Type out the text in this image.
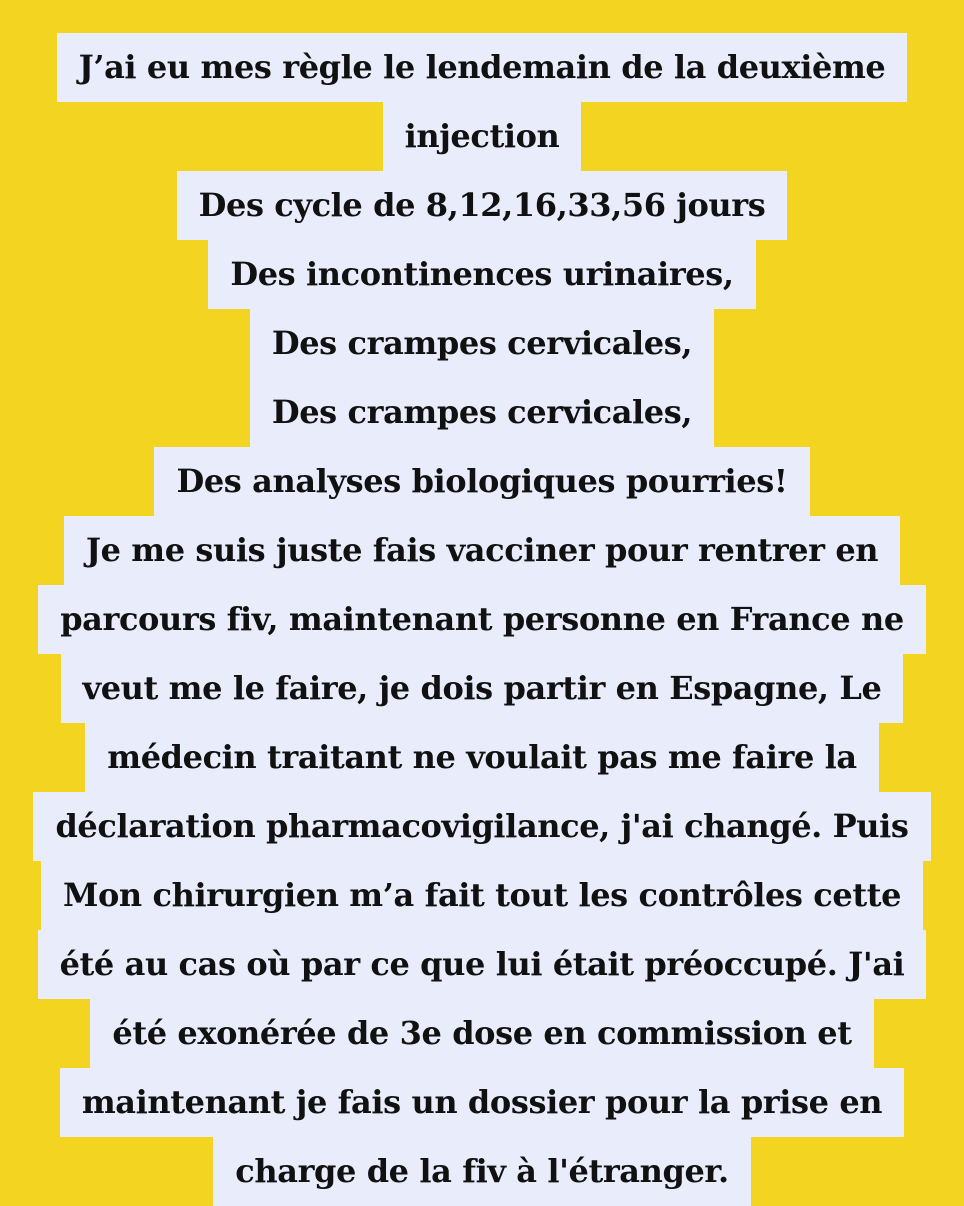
J’ai eu mes règle le lendemain de la deuxième
injection
Des cycle de 8,12,16,33,56 jours
Des incontinences urinaires,
Des crampes cervicales,
Des crampes cervicales,
Des analyses biologiques pourries!
Je me suis juste fais vacciner pour rentrer en
parcours fiv, maintenant personne en France ne
veut me le faire, je dois partir en Espagne, Le
médecin traitant ne voulait pas me faire la
déclaration pharmacovigilance, j'ai changé. Puis
Mon chirurgien m’a fait tout les contrôles cette
été au cas où par ce que lui était préoccupé. J'ai
été exonérée de 3e dose en commission et
maintenant je fais un dossier pour la prise en
charge de la fiv à l'étranger.
